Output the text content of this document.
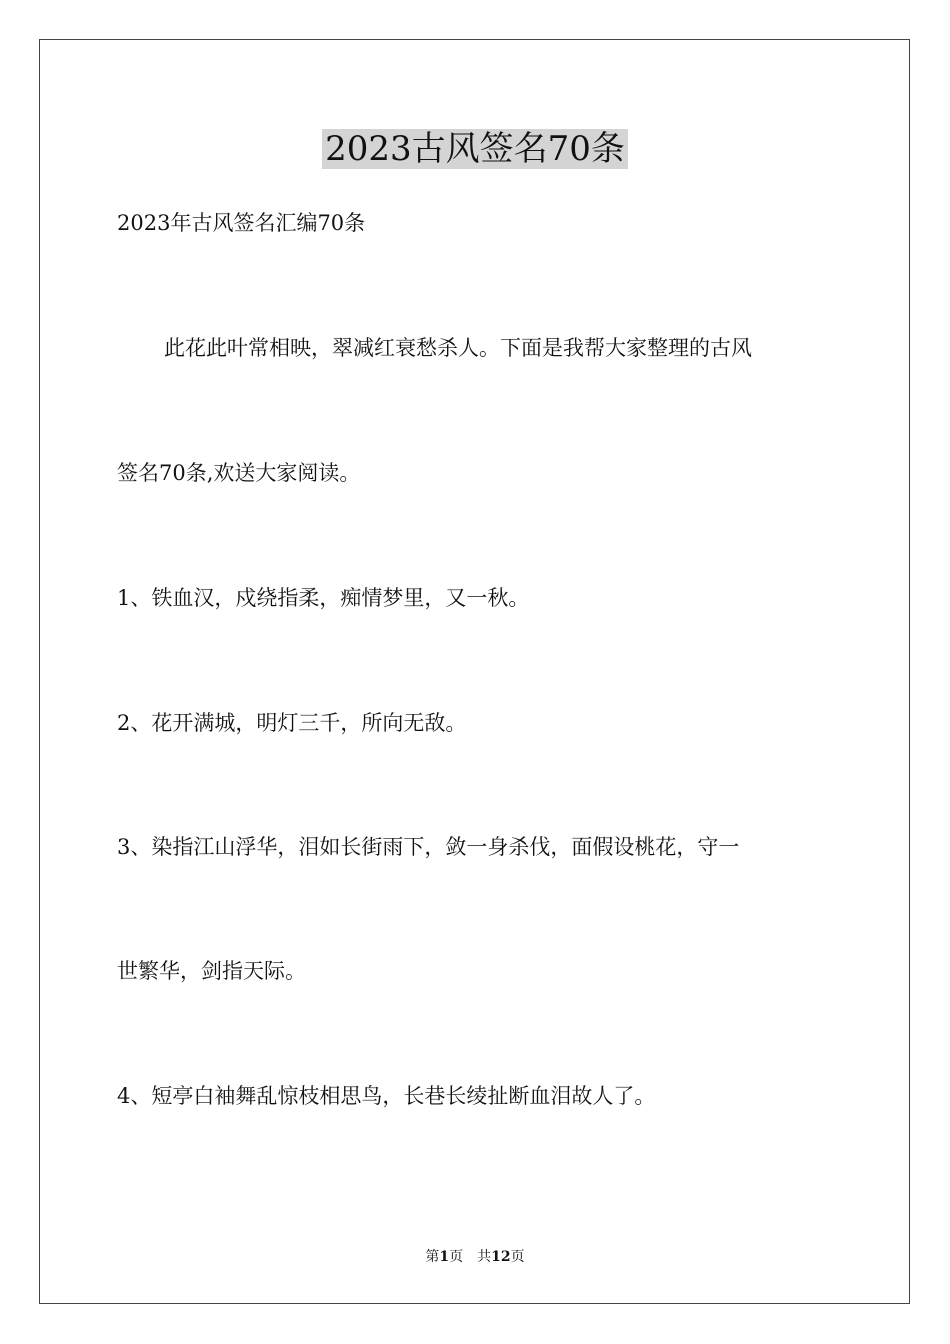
2023古风签名70条
2023年古风签名汇编70条
此花此叶常相映，翠减红衰愁杀人。下面是我帮大家整理的古风
签名70条,欢送大家阅读。
1、铁血汉，戍绕指柔，痴情梦里，又一秋。
2、花开满城，明灯三千，所向无敌。
3、染指江山浮华，泪如长街雨下，敛一身杀伐，面假设桃花，守一
世繁华，剑指天际。
4、短亭白袖舞乱惊枝相思鸟，长巷长绫扯断血泪故人了。
第1页 共12页
